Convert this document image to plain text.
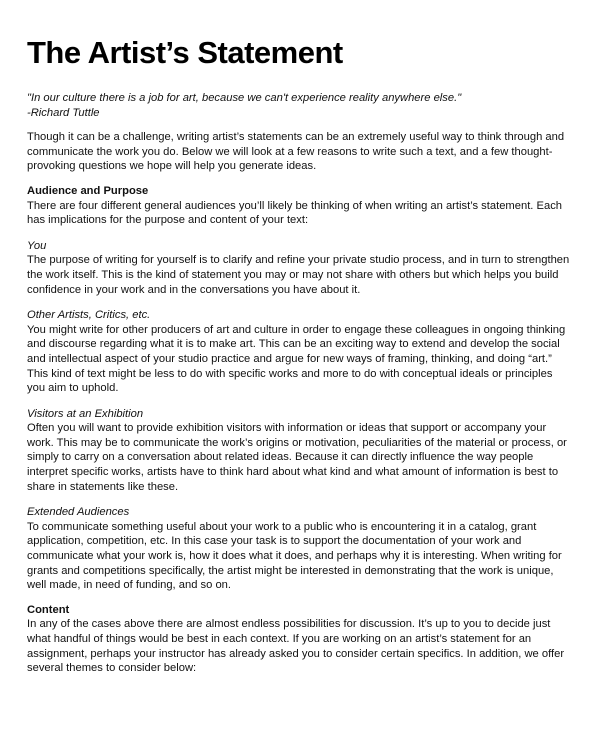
The Artist’s Statement

"In our culture there is a job for art, because we can't experience reality anywhere else."

-Richard Tuttle

Though it can be a challenge, writing artist’s statements can be an extremely useful way to think through and communicate the work you do. Below we will look at a few reasons to write such a text, and a few thought-provoking questions we hope will help you generate ideas.

Audience and Purpose

There are four different general audiences you’ll likely be thinking of when writing an artist’s statement. Each has implications for the purpose and content of your text:

You

The purpose of writing for yourself is to clarify and refine your private studio process, and in turn to strengthen the work itself. This is the kind of statement you may or may not share with others but which helps you build confidence in your work and in the conversations you have about it.

Other Artists, Critics, etc.

You might write for other producers of art and culture in order to engage these colleagues in ongoing thinking and discourse regarding what it is to make art. This can be an exciting way to extend and develop the social and intellectual aspect of your studio practice and argue for new ways of framing, thinking, and doing “art.” This kind of text might be less to do with specific works and more to do with conceptual ideals or principles you aim to uphold.

Visitors at an Exhibition

Often you will want to provide exhibition visitors with information or ideas that support or accompany your work. This may be to communicate the work’s origins or motivation, peculiarities of the material or process, or simply to carry on a conversation about related ideas. Because it can directly influence the way people interpret specific works, artists have to think hard about what kind and what amount of information is best to share in statements like these.

Extended Audiences

To communicate something useful about your work to a public who is encountering it in a catalog, grant application, competition, etc. In this case your task is to support the documentation of your work and communicate what your work is, how it does what it does, and perhaps why it is interesting. When writing for grants and competitions specifically, the artist might be interested in demonstrating that the work is unique, well made, in need of funding, and so on.

Content

In any of the cases above there are almost endless possibilities for discussion. It’s up to you to decide just what handful of things would be best in each context. If you are working on an artist’s statement for an assignment, perhaps your instructor has already asked you to consider certain specifics. In addition, we offer several themes to consider below:
